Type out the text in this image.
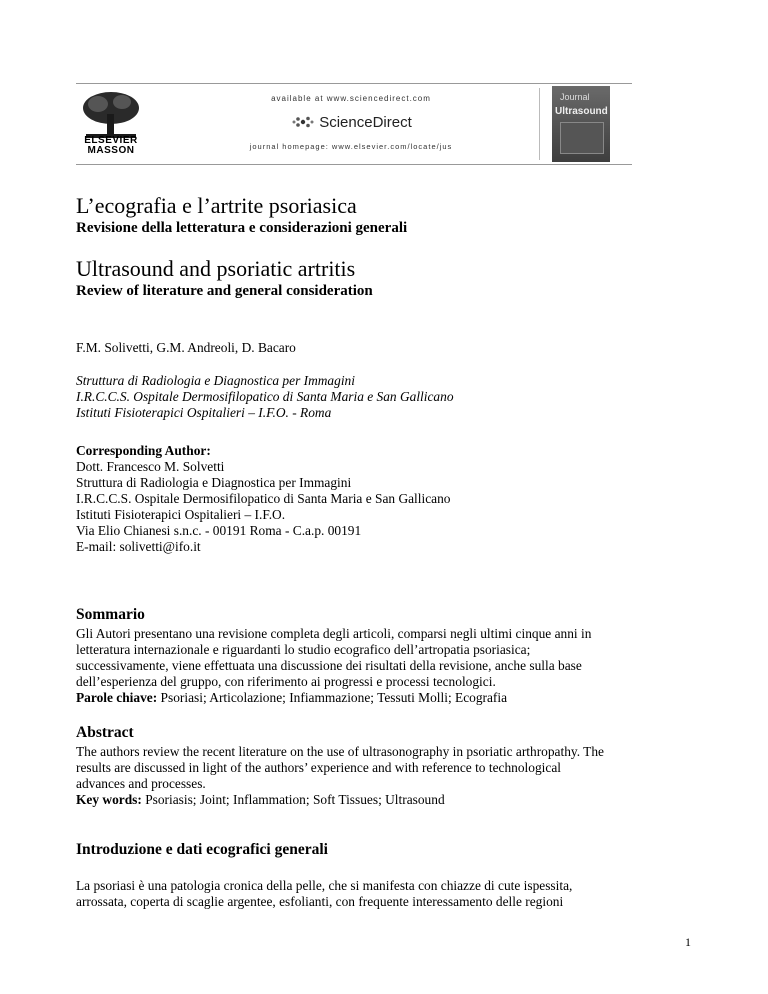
ELSEVIER MASSON
available at www.sciencedirect.com
ScienceDirect
journal homepage: www.elsevier.com/locate/jus
Journal
Ultrasound
L’ecografia e l’artrite psoriasica
Revisione della letteratura e considerazioni generali
Ultrasound and psoriatic artritis
Review of literature and general consideration
F.M. Solivetti, G.M. Andreoli, D. Bacaro
Struttura di Radiologia e Diagnostica per Immagini
I.R.C.C.S. Ospitale Dermosifilopatico di Santa Maria e San Gallicano
Istituti Fisioterapici Ospitalieri – I.F.O. - Roma
Corresponding Author:
Dott. Francesco M. Solvetti
Struttura di Radiologia e Diagnostica per Immagini
I.R.C.C.S. Ospitale Dermosifilopatico di Santa Maria e San Gallicano
Istituti Fisioterapici Ospitalieri – I.F.O.
Via Elio Chianesi s.n.c. - 00191 Roma - C.a.p. 00191
E-mail: solivetti@ifo.it
Sommario
Gli Autori presentano una revisione completa degli articoli, comparsi negli ultimi cinque anni in
letteratura internazionale e riguardanti lo studio ecografico dell’artropatia psoriasica;
successivamente, viene effettuata una discussione dei risultati della revisione, anche sulla base
dell’esperienza del gruppo, con riferimento ai progressi e processi tecnologici.
Parole chiave: Psoriasi; Articolazione; Infiammazione; Tessuti Molli; Ecografia
Abstract
The authors review the recent literature on the use of ultrasonography in psoriatic arthropathy. The
results are discussed in light of the authors’ experience and with reference to technological
advances and processes.
Key words: Psoriasis; Joint; Inflammation; Soft Tissues; Ultrasound
Introduzione e dati ecografici generali
La psoriasi è una patologia cronica della pelle, che si manifesta con chiazze di cute ispessita,
arrossata, coperta di scaglie argentee, esfolianti, con frequente interessamento delle regioni
1
